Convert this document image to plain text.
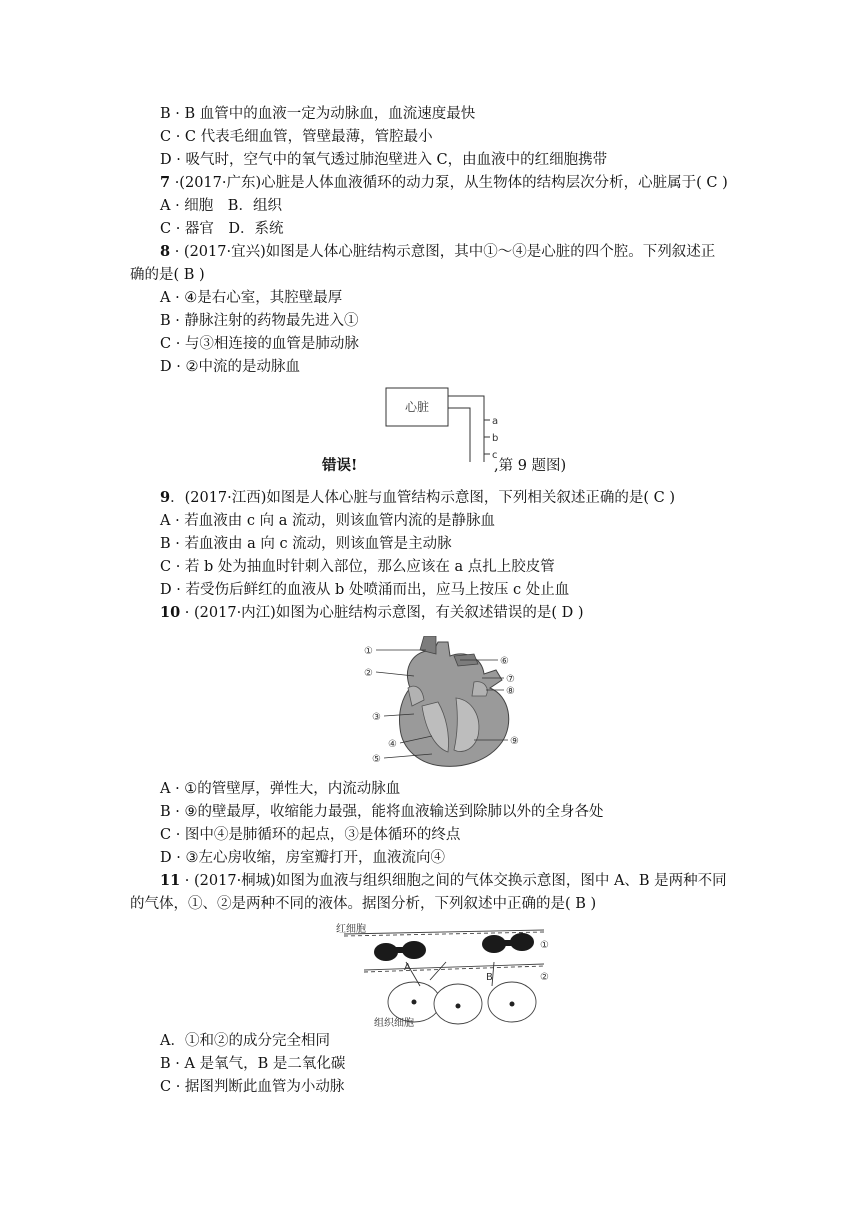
B · B 血管中的血液一定为动脉血，血流速度最快
C · C 代表毛细血管，管壁最薄，管腔最小
D · 吸气时，空气中的氧气透过肺泡壁进入 C，由血液中的红细胞携带
7 ·(2017·广东)心脏是人体血液循环的动力泵，从生物体的结构层次分析，心脏属于( C )
A · 细胞　B．组织
C · 器官　D．系统
8 · (2017·宜兴)如图是人体心脏结构示意图，其中①～④是心脏的四个腔。下列叙述正
确的是( B )
A · ④是右心室，其腔壁最厚
B · 静脉注射的药物最先进入①
C · 与③相连接的血管是肺动脉
D · ②中流的是动脉血
心脏
a
b
c
错误!	,第 9 题图)
9．(2017·江西)如图是人体心脏与血管结构示意图，下列相关叙述正确的是( C )
A · 若血液由 c 向 a 流动，则该血管内流的是静脉血
B · 若血液由 a 向 c 流动，则该血管是主动脉
C · 若 b 处为抽血时针刺入部位，那么应该在 a 点扎上胶皮管
D · 若受伤后鲜红的血液从 b 处喷涌而出，应马上按压 c 处止血
10 · (2017·内江)如图为心脏结构示意图，有关叙述错误的是( D )
①
②
③
④
⑤
⑥
⑦
⑧
⑨
A · ①的管壁厚，弹性大，内流动脉血
B · ⑨的壁最厚，收缩能力最强，能将血液输送到除肺以外的全身各处
C · 图中④是肺循环的起点，③是体循环的终点
D · ③左心房收缩，房室瓣打开，血液流向④
11 · (2017·桐城)如图为血液与组织细胞之间的气体交换示意图，图中 A、B 是两种不同
的气体，①、②是两种不同的液体。据图分析，下列叙述中正确的是( B )
红细胞
A
B
①
②
组织细胞
A．①和②的成分完全相同
B · A 是氧气，B 是二氧化碳
C · 据图判断此血管为小动脉
